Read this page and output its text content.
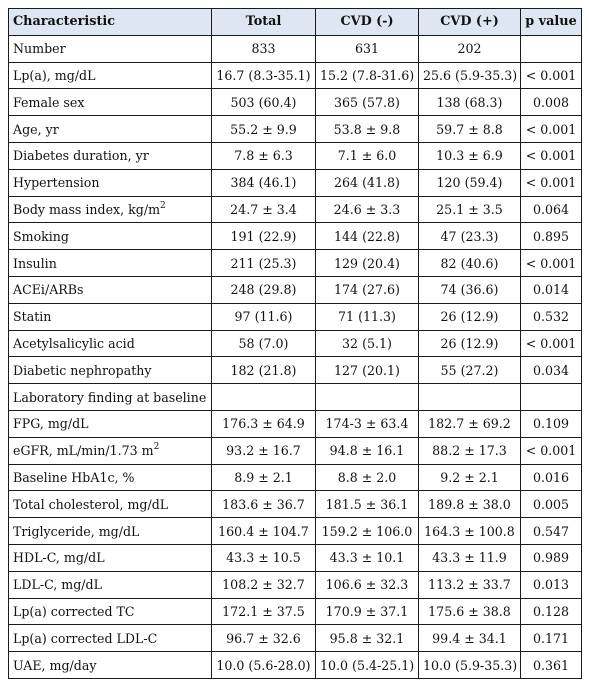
Characteristic	Total	CVD (-)	CVD (+)	p value
Number	833	631	202	
Lp(a), mg/dL	16.7 (8.3-35.1)	15.2 (7.8-31.6)	25.6 (5.9-35.3)	< 0.001
Female sex	503 (60.4)	365 (57.8)	138 (68.3)	0.008
Age, yr	55.2 ± 9.9	53.8 ± 9.8	59.7 ± 8.8	< 0.001
Diabetes duration, yr	7.8 ± 6.3	7.1 ± 6.0	10.3 ± 6.9	< 0.001
Hypertension	384 (46.1)	264 (41.8)	120 (59.4)	< 0.001
Body mass index, $kg/m^2$	24.7 ± 3.4	24.6 ± 3.3	25.1 ± 3.5	0.064
Smoking	191 (22.9)	144 (22.8)	47 (23.3)	0.895
Insulin	211 (25.3)	129 (20.4)	82 (40.6)	< 0.001
ACEi/ARBs	248 (29.8)	174 (27.6)	74 (36.6)	0.014
Statin	97 (11.6)	71 (11.3)	26 (12.9)	0.532
Acetylsalicylic acid	58 (7.0)	32 (5.1)	26 (12.9)	< 0.001
Diabetic nephropathy	182 (21.8)	127 (20.1)	55 (27.2)	0.034
Laboratory finding at baseline				
FPG, mg/dL	176.3 ± 64.9	174-3 ± 63.4	182.7 ± 69.2	0.109
eGFR, mL/min/1.73 $m^2$	93.2 ± 16.7	94.8 ± 16.1	88.2 ± 17.3	< 0.001
Baseline HbA1c, %	8.9 ± 2.1	8.8 ± 2.0	9.2 ± 2.1	0.016
Total cholesterol, mg/dL	183.6 ± 36.7	181.5 ± 36.1	189.8 ± 38.0	0.005
Triglyceride, mg/dL	160.4 ± 104.7	159.2 ± 106.0	164.3 ± 100.8	0.547
HDL-C, mg/dL	43.3 ± 10.5	43.3 ± 10.1	43.3 ± 11.9	0.989
LDL-C, mg/dL	108.2 ± 32.7	106.6 ± 32.3	113.2 ± 33.7	0.013
Lp(a) corrected TC	172.1 ± 37.5	170.9 ± 37.1	175.6 ± 38.8	0.128
Lp(a) corrected LDL-C	96.7 ± 32.6	95.8 ± 32.1	99.4 ± 34.1	0.171
UAE, mg/day	10.0 (5.6-28.0)	10.0 (5.4-25.1)	10.0 (5.9-35.3)	0.361
